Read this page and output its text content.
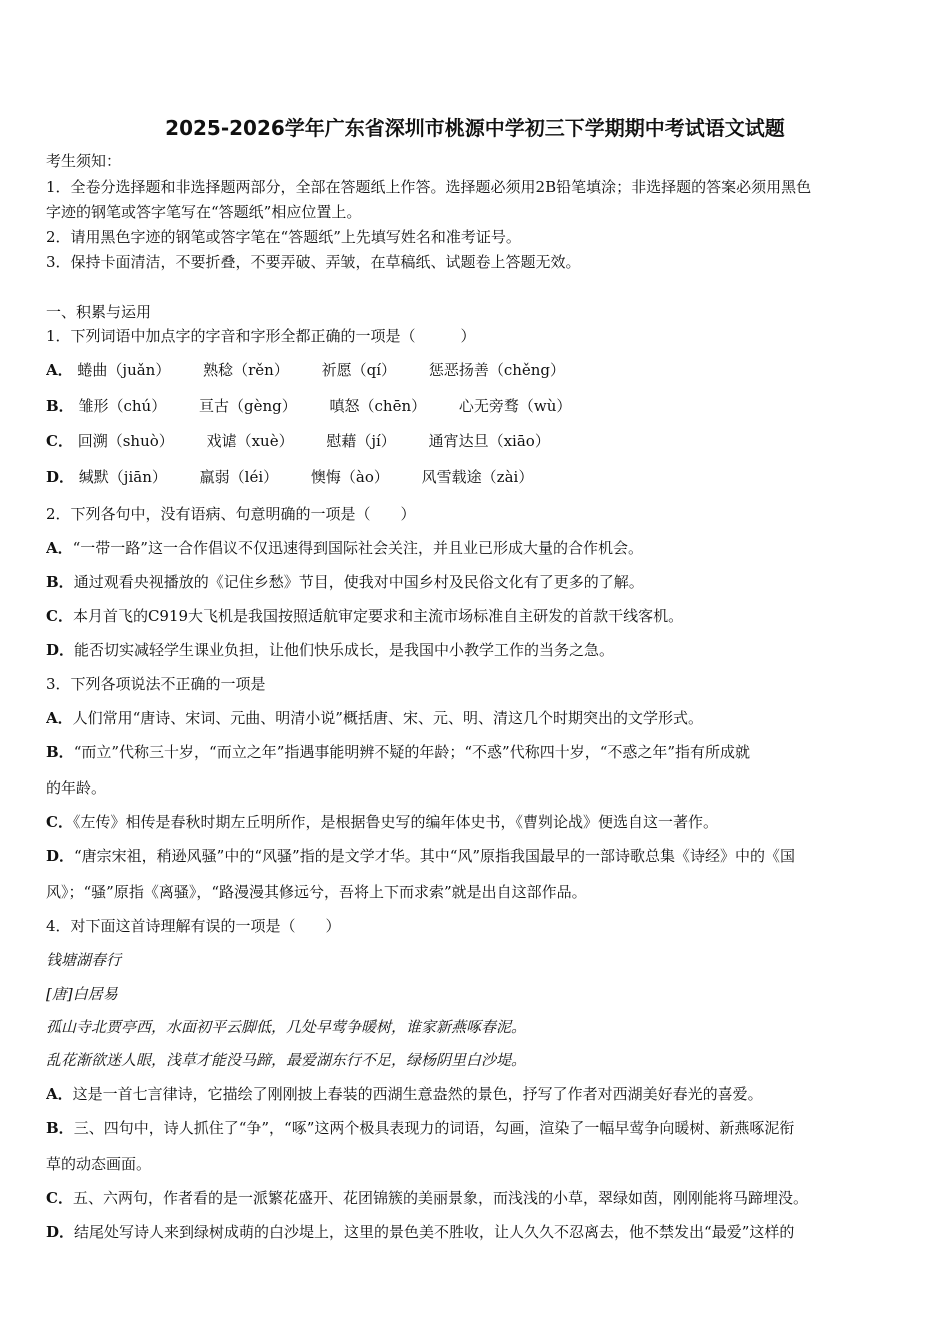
2025-2026学年广东省深圳市桃源中学初三下学期期中考试语文试题
考生须知：
1．全卷分选择题和非选择题两部分，全部在答题纸上作答。选择题必须用2B铅笔填涂；非选择题的答案必须用黑色
字迹的钢笔或答字笔写在“答题纸”相应位置上。
2．请用黑色字迹的钢笔或答字笔在“答题纸”上先填写姓名和准考证号。
3．保持卡面清洁，不要折叠，不要弄破、弄皱，在草稿纸、试题卷上答题无效。
一、积累与运用
1．下列词语中加点字的字音和字形全都正确的一项是（　　　）
A． 蜷曲（juǎn） 熟稔（rěn） 祈愿（qí） 惩恶扬善（chěng）
B． 雏形（chú） 亘古（gèng） 嗔怒（chēn） 心无旁骛（wù）
C． 回溯（shuò） 戏谑（xuè） 慰藉（jí） 通宵达旦（xiāo）
D． 缄默（jiān） 羸弱（léi） 懊悔（ào） 风雪载途（zài）
2．下列各句中，没有语病、句意明确的一项是（　　）
A．“一带一路”这一合作倡议不仅迅速得到国际社会关注，并且业已形成大量的合作机会。
B．通过观看央视播放的《记住乡愁》节目，使我对中国乡村及民俗文化有了更多的了解。
C．本月首飞的C919大飞机是我国按照适航审定要求和主流市场标准自主研发的首款干线客机。
D．能否切实减轻学生课业负担，让他们快乐成长，是我国中小教学工作的当务之急。
3．下列各项说法不正确的一项是
A．人们常用“唐诗、宋词、元曲、明清小说”概括唐、宋、元、明、清这几个时期突出的文学形式。
B．“而立”代称三十岁，“而立之年”指遇事能明辨不疑的年龄；“不惑”代称四十岁，“不惑之年”指有所成就
的年龄。
C．《左传》相传是春秋时期左丘明所作，是根据鲁史写的编年体史书，《曹刿论战》便选自这一著作。
D．“唐宗宋祖，稍逊风骚”中的“风骚”指的是文学才华。其中“风”原指我国最早的一部诗歌总集《诗经》中的《国
风》；“骚”原指《离骚》，“路漫漫其修远兮，吾将上下而求索”就是出自这部作品。
4．对下面这首诗理解有误的一项是（　　）
钱塘湖春行
[唐]白居易
孤山寺北贾亭西，水面初平云脚低，几处早莺争暖树，谁家新燕啄春泥。
乱花渐欲迷人眼，浅草才能没马蹄，最爱湖东行不足，绿杨阴里白沙堤。
A．这是一首七言律诗，它描绘了刚刚披上春装的西湖生意盎然的景色，抒写了作者对西湖美好春光的喜爱。
B．三、四句中，诗人抓住了“争”，“啄”这两个极具表现力的词语，勾画，渲染了一幅早莺争向暖树、新燕啄泥衔
草的动态画面。
C．五、六两句，作者看的是一派繁花盛开、花团锦簇的美丽景象，而浅浅的小草，翠绿如茵，刚刚能将马蹄埋没。
D．结尾处写诗人来到绿树成萌的白沙堤上，这里的景色美不胜收，让人久久不忍离去，他不禁发出“最爱”这样的
